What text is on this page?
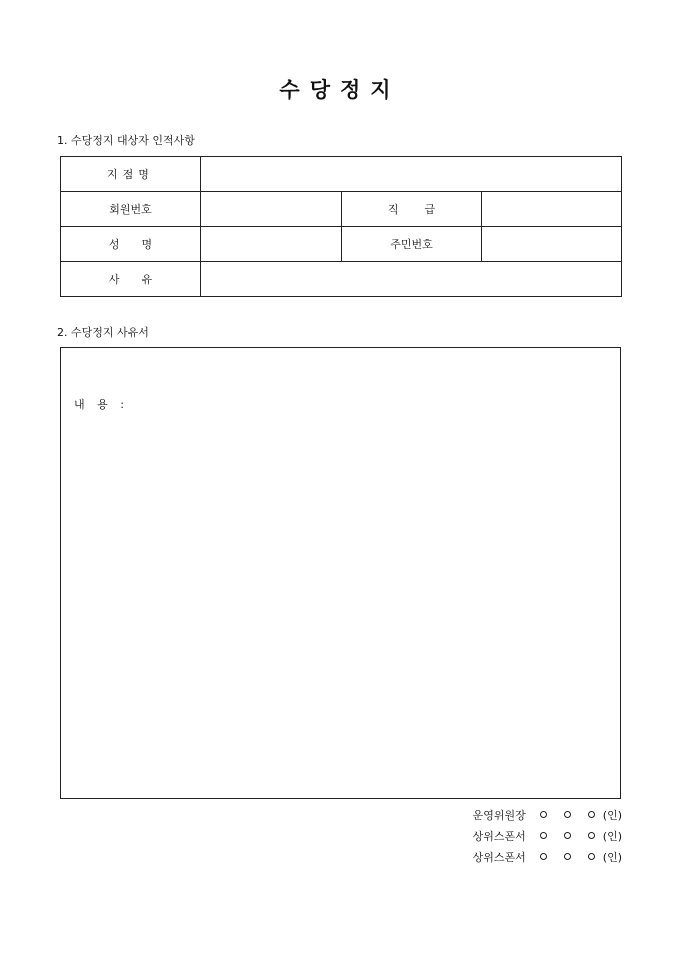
수당정지
1. 수당정지 대상자 인적사항
지점명			
회원번호		직급	
성명		주민번호	
사유			
2. 수당정지 사유서
내 용 :
운영위원장	(인)
상위스폰서	(인)
상위스폰서	(인)
